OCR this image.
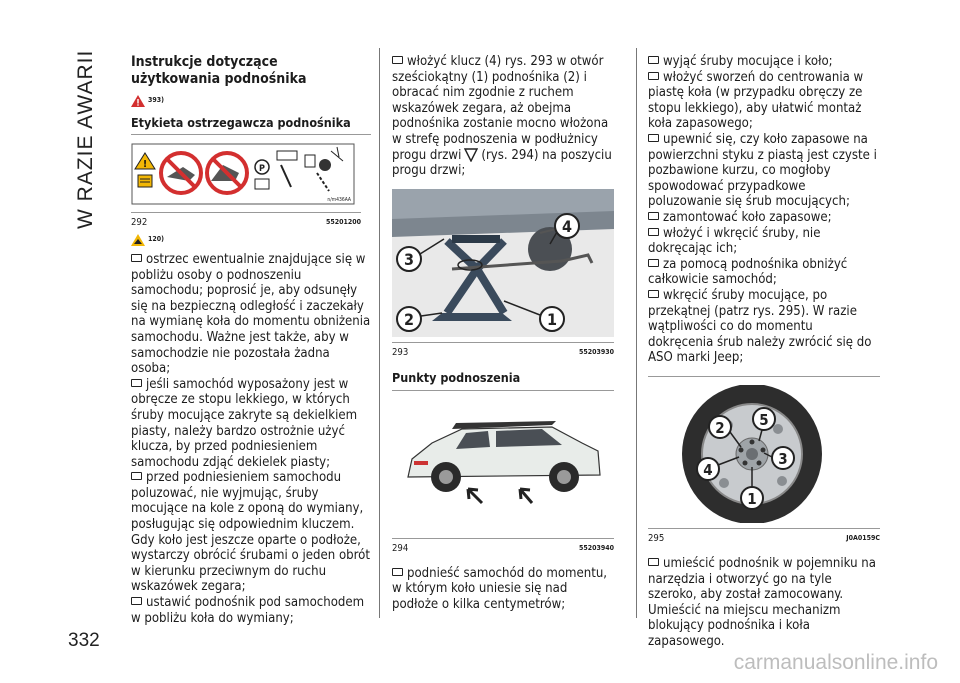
W RAZIE AWARII
332
Instrukcje dotyczące
użytkowania podnośnika
393)
Etykieta ostrzegawcza podnośnika
!	P
n/m436AA
292	55201200
120)

ostrzec ewentualnie znajdujące się w pobliżu osoby o podnoszeniu samochodu; poprosić je, aby odsunęły się na bezpieczną odległość i zaczekały na wymianę koła do momentu obniżenia samochodu. Ważne jest także, aby w samochodzie nie pozostała żadna osoba;

jeśli samochód wyposażony jest w obręcze ze stopu lekkiego, w których śruby mocujące zakryte są dekielkiem piasty, należy bardzo ostrożnie użyć klucza, by przed podniesieniem samochodu zdjąć dekielek piasty;

przed podniesieniem samochodu poluzować, nie wyjmując, śruby mocujące na kole z oponą do wymiany, posługując się odpowiednim kluczem. Gdy koło jest jeszcze oparte o podłoże, wystarczy obrócić śrubami o jeden obrót w kierunku przeciwnym do ruchu wskazówek zegara;

ustawić podnośnik pod samochodem w pobliżu koła do wymiany;

włożyć klucz (4) rys. 293 w otwór sześciokątny (1) podnośnika (2) i obracać nim zgodnie z ruchem wskazówek zegara, aż obejma podnośnika zostanie mocno włożona w strefę podnoszenia w podłużnicy progu drzwi (rys. 294) na poszyciu progu drzwi;

3
4
2	1
293	55203930
Punkty podnoszenia
294	55203940

podnieść samochód do momentu, w którym koło uniesie się nad podłoże o kilka centymetrów;

wyjąć śruby mocujące i koło;

włożyć sworzeń do centrowania w piastę koła (w przypadku obręczy ze stopu lekkiego), aby ułatwić montaż koła zapasowego;

upewnić się, czy koło zapasowe na powierzchni styku z piastą jest czyste i pozbawione kurzu, co mogłoby spowodować przypadkowe poluzowanie się śrub mocujących;

zamontować koło zapasowe;

włożyć i wkręcić śruby, nie dokręcając ich;

za pomocą podnośnika obniżyć całkowicie samochód;

wkręcić śruby mocujące, po przekątnej (patrz rys. 295). W razie wątpliwości co do momentu dokręcenia śrub należy zwrócić się do ASO marki Jeep;

2 5
4
3
1
295	J0A0159C

umieścić podnośnik w pojemniku na narzędzia i otworzyć go na tyle szeroko, aby został zamocowany. Umieścić na miejscu mechanizm blokujący podnośnika i koła zapasowego.

carmanualsonline.info
